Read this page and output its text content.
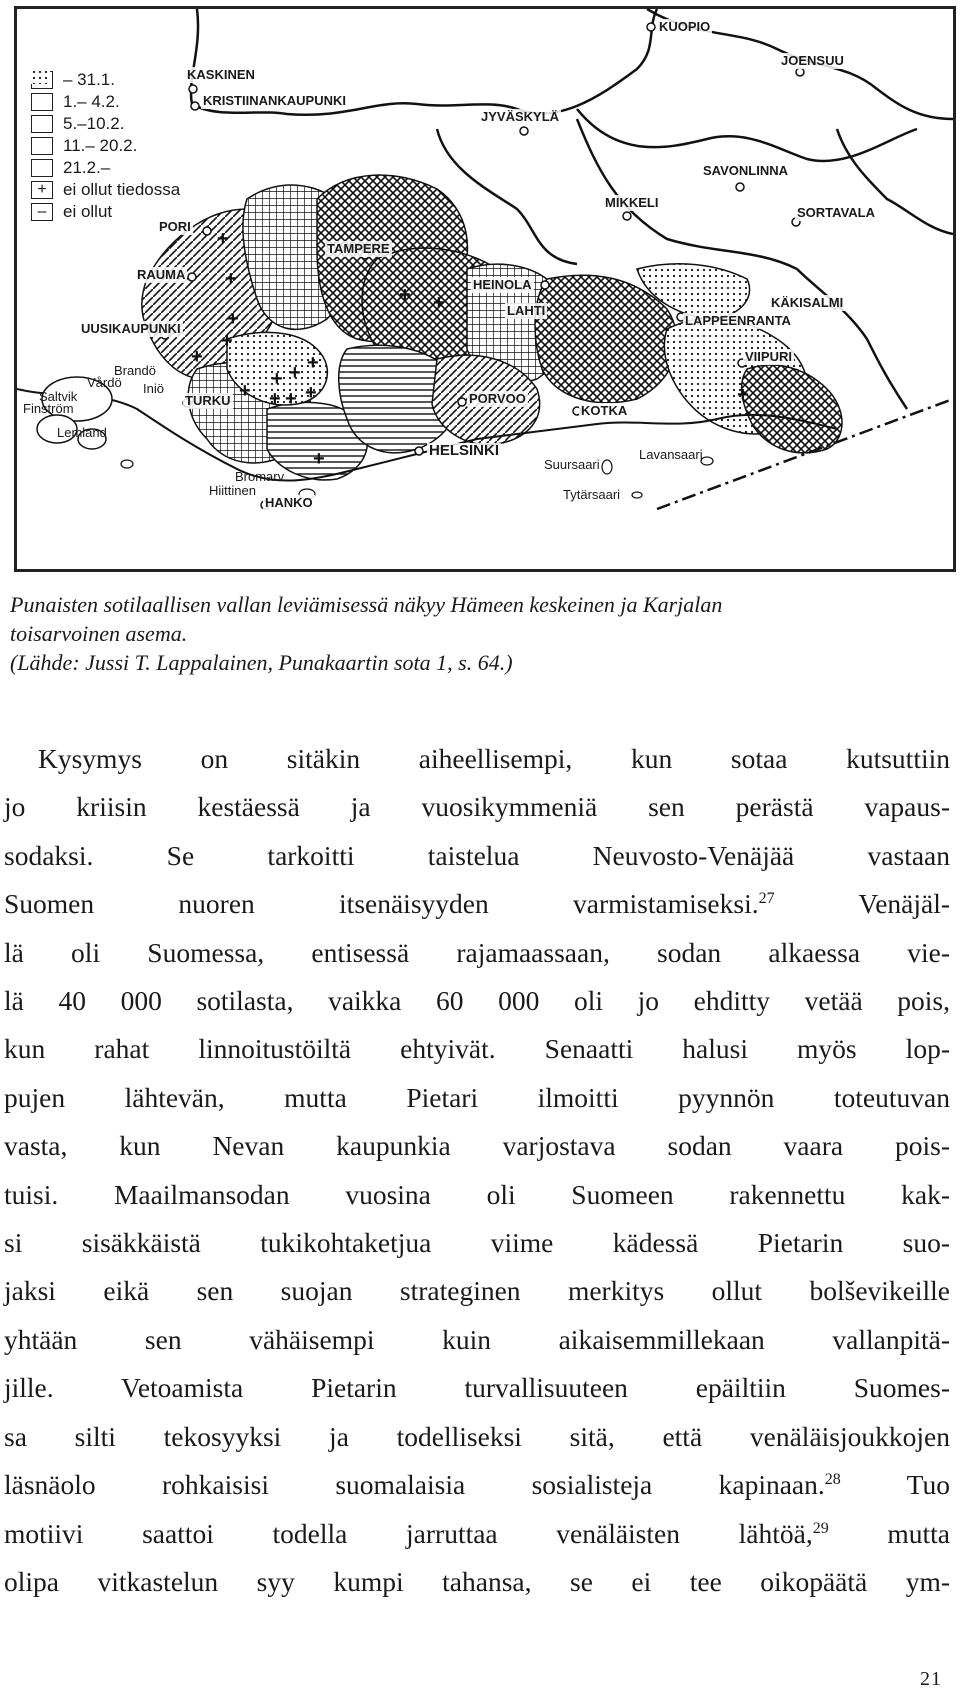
+
+
+
+
+
+
+ + +
+ + +
+
+ +
+
– 31.1.
1.– 4.2.
5.–10.2.
11.– 20.2.
21.2.–
+ ei ollut tiedossa
– ei ollut
KUOPIO
JOENSUU
KASKINEN
KRISTIINANKAUPUNKI
JYVÄSKYLÄ
SAVONLINNA
MIKKELI
SORTAVALA
PORI
TAMPERE
RAUMA
HEINOLA
KÄKISALMI
LAHTI
LAPPEENRANTA
UUSIKAUPUNKI
VIIPURI
Brandö
Vårdö
Saltvik
Iniö
Finström
TURKU	PORVOO
KOTKA
Lemland
HELSINKI	Lavansaari
Suursaari
Bromarv
Hiittinen	Tytärsaari
HANKO
Punaisten sotilaallisen vallan leviämisessä näkyy Hämeen keskeinen ja Karjalan
toisarvoinen asema.
(Lähde: Jussi T. Lappalainen, Punakaartin sota 1, s. 64.)
Kysymys on sitäkin aiheellisempi, kun sotaa kutsuttiin
jo kriisin kestäessä ja vuosikymmeniä sen perästä vapaus-
sodaksi. Se tarkoitti taistelua Neuvosto-Venäjää vastaan
Suomen nuoren itsenäisyyden varmistamiseksi.$^{27}$ Venäjäl-
lä oli Suomessa, entisessä rajamaassaan, sodan alkaessa vie-
lä 40 000 sotilasta, vaikka 60 000 oli jo ehditty vetää pois,
kun rahat linnoitustöiltä ehtyivät. Senaatti halusi myös lop-
pujen lähtevän, mutta Pietari ilmoitti pyynnön toteutuvan
vasta, kun Nevan kaupunkia varjostava sodan vaara pois-
tuisi. Maailmansodan vuosina oli Suomeen rakennettu kak-
si sisäkkäistä tukikohtaketjua viime kädessä Pietarin suo-
jaksi eikä sen suojan strateginen merkitys ollut bolševikeille
yhtään sen vähäisempi kuin aikaisemmillekaan vallanpitä-
jille. Vetoamista Pietarin turvallisuuteen epäiltiin Suomes-
sa silti tekosyyksi ja todelliseksi sitä, että venäläisjoukkojen
läsnäolo rohkaisisi suomalaisia sosialisteja kapinaan.$^{28}$ Tuo
motiivi saattoi todella jarruttaa venäläisten lähtöä,$^{29}$ mutta
olipa vitkastelun syy kumpi tahansa, se ei tee oikopäätä ym-
21
